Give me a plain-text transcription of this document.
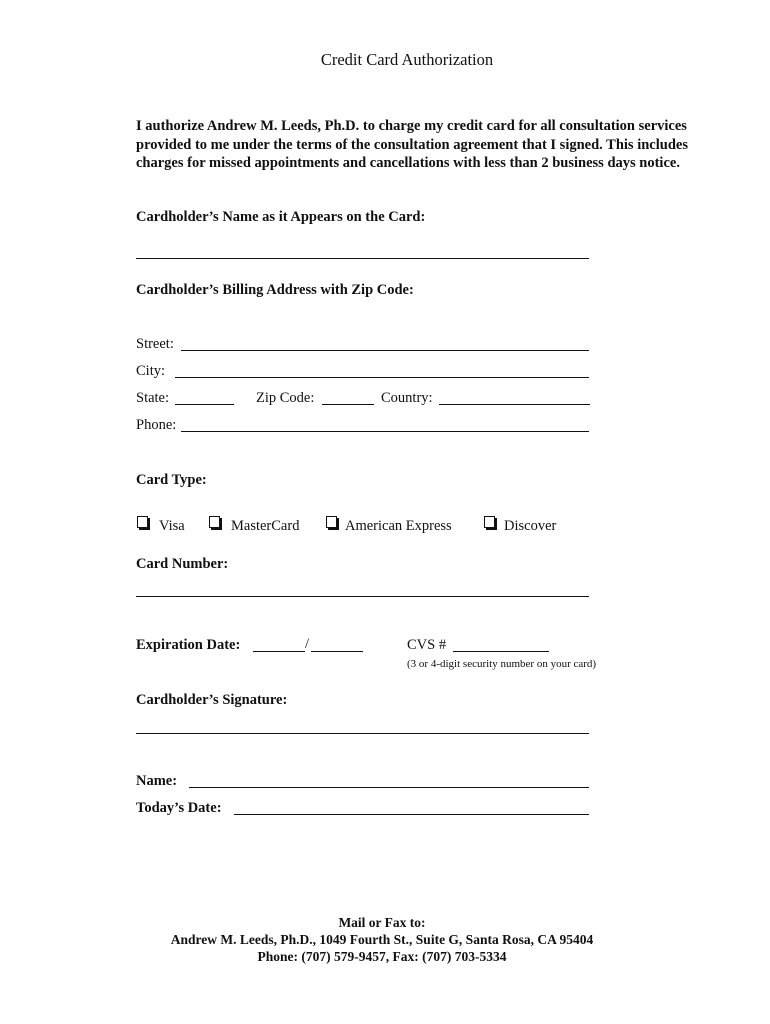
Credit Card Authorization
I authorize Andrew M. Leeds, Ph.D. to charge my credit card for all consultation services provided to me under the terms of the consultation agreement that I signed. This includes charges for missed appointments and cancellations with less than 2 business days notice.
Cardholder’s Name as it Appears on the Card:
Cardholder’s Billing Address with Zip Code:
Street:
City:
State:	Zip Code:	Country:
Phone:
Card Type:
Visa	MasterCard	American Express	Discover
Card Number:
Expiration Date:	/	CVS #
(3 or 4-digit security number on your card)
Cardholder’s Signature:
Name:
Today’s Date:
Mail or Fax to:
Andrew M. Leeds, Ph.D., 1049 Fourth St., Suite G, Santa Rosa, CA 95404
Phone: (707) 579-9457, Fax: (707) 703-5334
